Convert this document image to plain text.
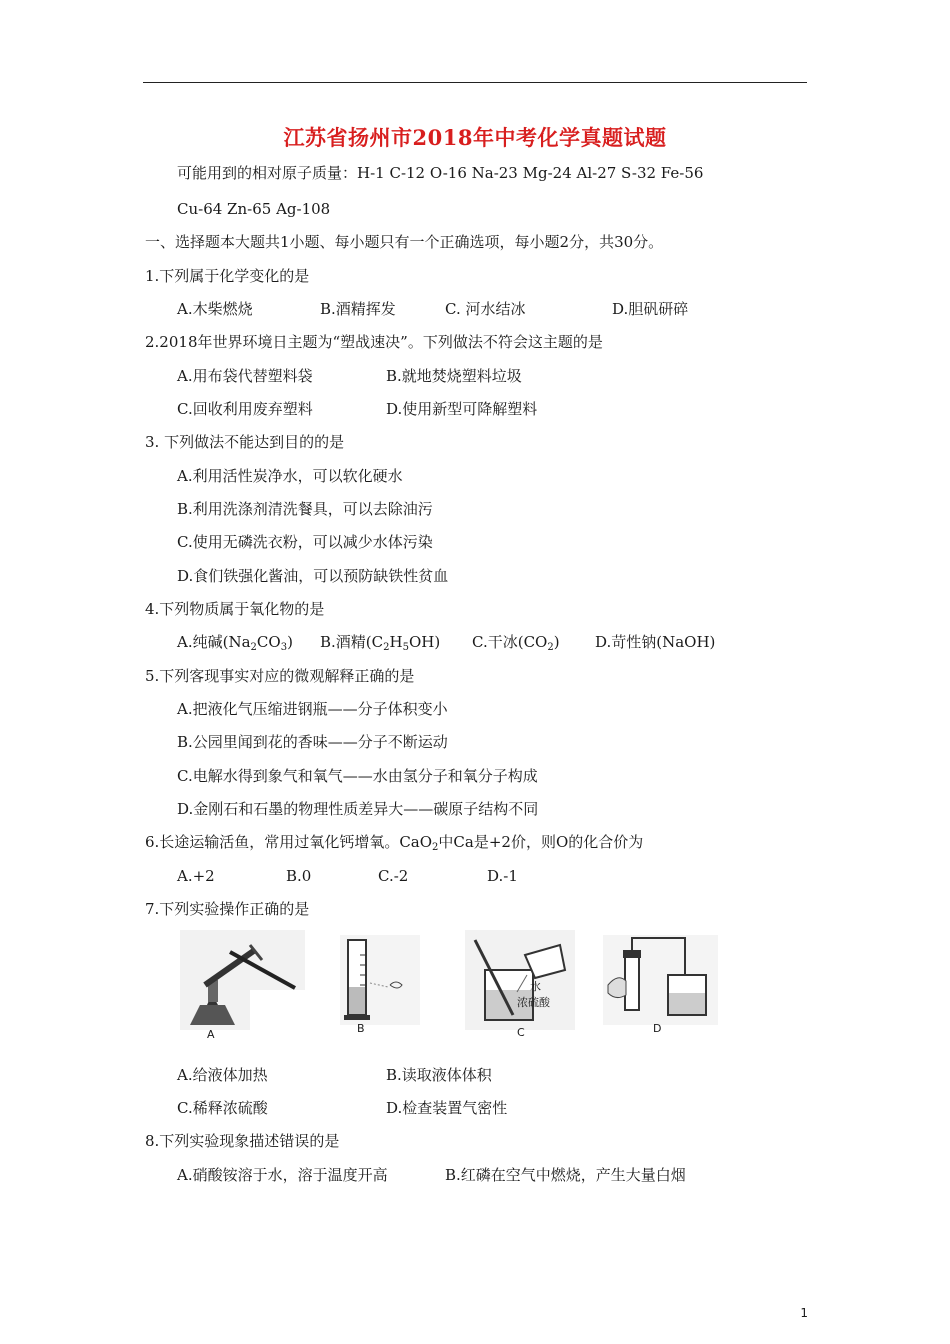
江苏省扬州市2018年中考化学真题试题
可能用到的相对原子质量：H-1 C-12 O-16 Na-23 Mg-24 Al-27 S-32 Fe-56
Cu-64 Zn-65 Ag-108
一、选择题本大题共1小题、每小题只有一个正确选项，每小题2分，共30分。
1.下列属于化学变化的是
A.木柴燃烧	B.酒精挥发	C. 河水结冰	D.胆矾研碎
2.2018年世界环境日主题为“塑战速决”。下列做法不符会这主题的是
A.用布袋代替塑料袋	B.就地焚烧塑料垃圾
C.回收利用废弃塑料	D.使用新型可降解塑料
3. 下列做法不能达到目的的是
A.利用活性炭净水，可以软化硬水
B.利用洗涤剂清洗餐具，可以去除油污
C.使用无磷洗衣粉，可以减少水体污染
D.食们铁强化酱油，可以预防缺铁性贫血
4.下列物质属于氧化物的是
A.纯碱$(Na_2CO_3)$ B.酒精$(C_2H_5OH)$ C.干冰$(CO_2)$ D.苛性钠(NaOH)
5.下列客现事实对应的微观解释正确的是
A.把液化气压缩进钢瓶——分子体积变小
B.公园里闻到花的香味——分子不断运动
C.电解水得到象气和氧气——水由氢分子和氧分子构成
D.金刚石和石墨的物理性质差异大——碳原子结构不同
6.长途运输活鱼，常用过氧化钙增氧。CaO$_2$中Ca是+2价，则O的化合价为
A.+2	B.0	C.-2	D.-1
7.下列实验操作正确的是
A	B
水
浓硫酸
C	D
A.给液体加热	B.读取液体体积
C.稀释浓硫酸	D.检查装置气密性
8.下列实验现象描述错误的是
A.硝酸铵溶于水，溶于温度开高	B.红磷在空气中燃烧，产生大量白烟
1
